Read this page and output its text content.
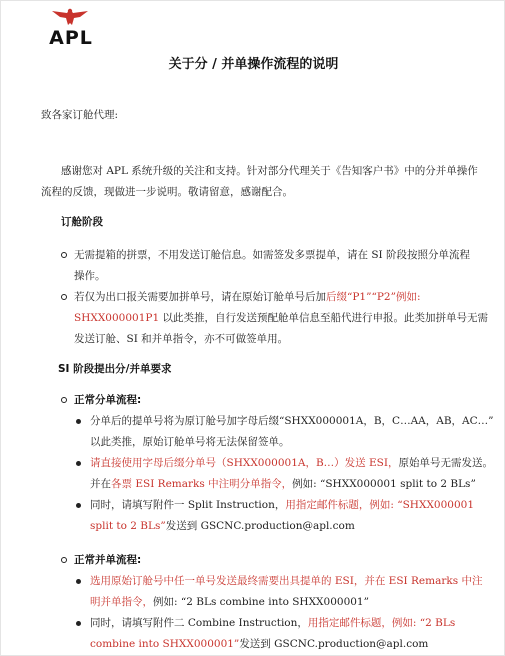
APL
关于分 / 并单操作流程的说明
致各家订舱代理:
感谢您对 APL 系统升级的关注和支持。针对部分代理关于《告知客户书》中的分并单操作
流程的反馈，现做进一步说明。敬请留意，感谢配合。
订舱阶段
无需提箱的拼票，不用发送订舱信息。如需签发多票提单，请在 SI 阶段按照分单流程
操作。
若仅为出口报关需要加拼单号，请在原始订舱单号后加后缀“P1”“P2”例如:
SHXX000001P1 以此类推，自行发送预配舱单信息至船代进行申报。此类加拼单号无需
发送订舱、SI 和并单指令，亦不可做签单用。
SI 阶段提出分/并单要求
正常分单流程:
分单后的提单号将为原订舱号加字母后缀“SHXX000001A，B，C…AA，AB，AC…”
以此类推，原始订舱单号将无法保留签单。
请直接使用字母后缀分单号（SHXX000001A，B…）发送 ESI，原始单号无需发送。
并在各票 ESI Remarks 中注明分单指令，例如: “SHXX000001 split to 2 BLs”
同时，请填写附件一 Split Instruction，用指定邮件标题，例如: “SHXX000001
split to 2 BLs”发送到 GSCNC.production@apl.com
正常并单流程:
选用原始订舱号中任一单号发送最终需要出具提单的 ESI，并在 ESI Remarks 中注
明并单指令，例如: “2 BLs combine into SHXX000001”
同时，请填写附件二 Combine Instruction，用指定邮件标题，例如: “2 BLs
combine into SHXX000001”发送到 GSCNC.production@apl.com
